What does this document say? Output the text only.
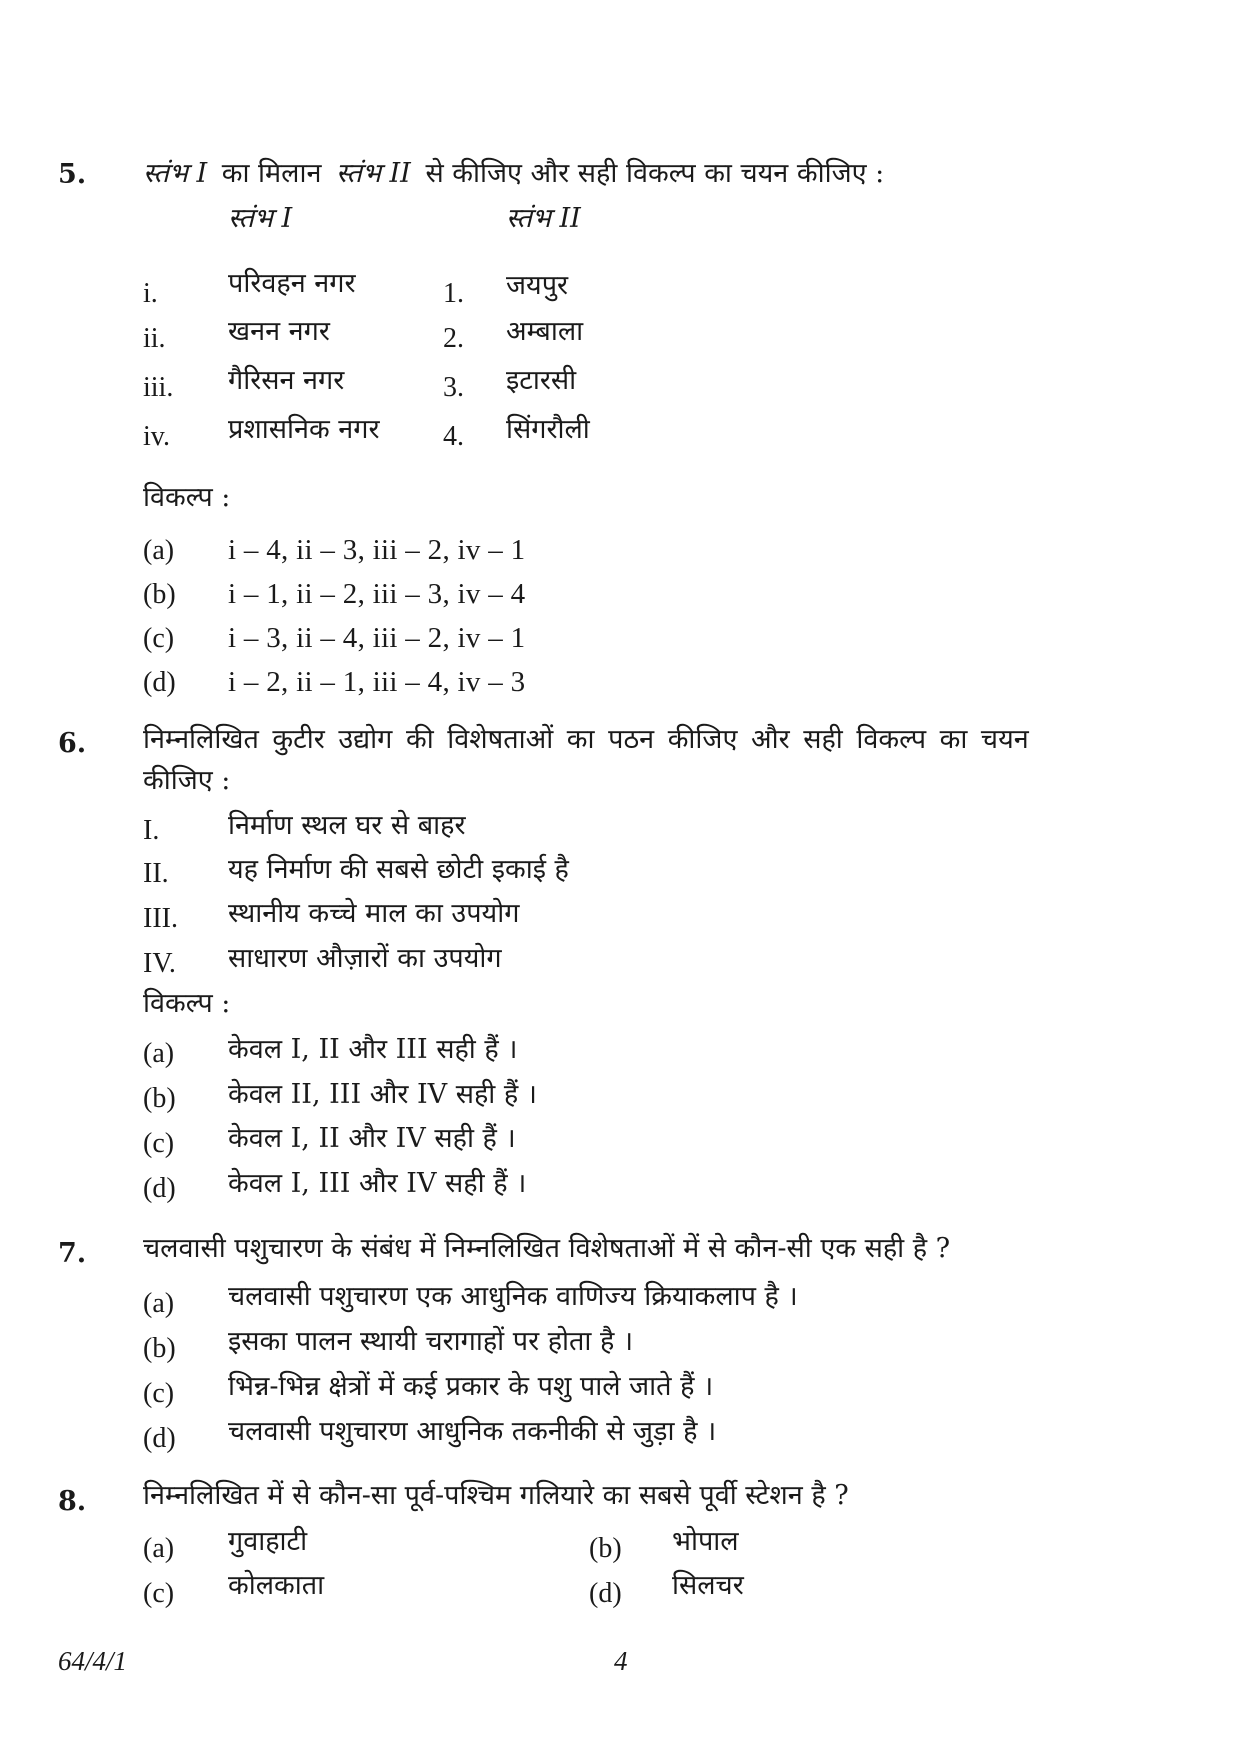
5. स्तंभ I का मिलान स्तंभ II से कीजिए और सही विकल्प का चयन कीजिए :
स्तंभ I	स्तंभ II
i.	परिवहन नगर	1. जयपुर
ii. खनन नगर	2. अम्बाला
iii. गैरिसन नगर	3. इटारसी
iv. प्रशासनिक नगर 4. सिंगरौली
विकल्प :
(a) i – 4, ii – 3, iii – 2, iv – 1
(b) i – 1, ii – 2, iii – 3, iv – 4
(c) i – 3, ii – 4, iii – 2, iv – 1
(d) i – 2, ii – 1, iii – 4, iv – 3
6. निम्नलिखित कुटीर उद्योग की विशेषताओं का पठन कीजिए और सही विकल्प का चयन
कीजिए :
I.	निर्माण स्थल घर से बाहर
II. यह निर्माण की सबसे छोटी इकाई है
III. स्थानीय कच्चे माल का उपयोग
IV. साधारण औज़ारों का उपयोग
विकल्प :
(a) केवल I, II और III सही हैं ।
(b) केवल II, III और IV सही हैं ।
(c) केवल I, II और IV सही हैं ।
(d) केवल I, III और IV सही हैं ।
7. चलवासी पशुचारण के संबंध में निम्नलिखित विशेषताओं में से कौन-सी एक सही है ?
(a) चलवासी पशुचारण एक आधुनिक वाणिज्य क्रियाकलाप है ।
(b) इसका पालन स्थायी चरागाहों पर होता है ।
(c) भिन्न-भिन्न क्षेत्रों में कई प्रकार के पशु पाले जाते हैं ।
(d) चलवासी पशुचारण आधुनिक तकनीकी से जुड़ा है ।
8. निम्नलिखित में से कौन-सा पूर्व-पश्चिम गलियारे का सबसे पूर्वी स्टेशन है ?
(a) गुवाहाटी	(b) भोपाल
(c) कोलकाता	(d) सिलचर
64/4/1	4
